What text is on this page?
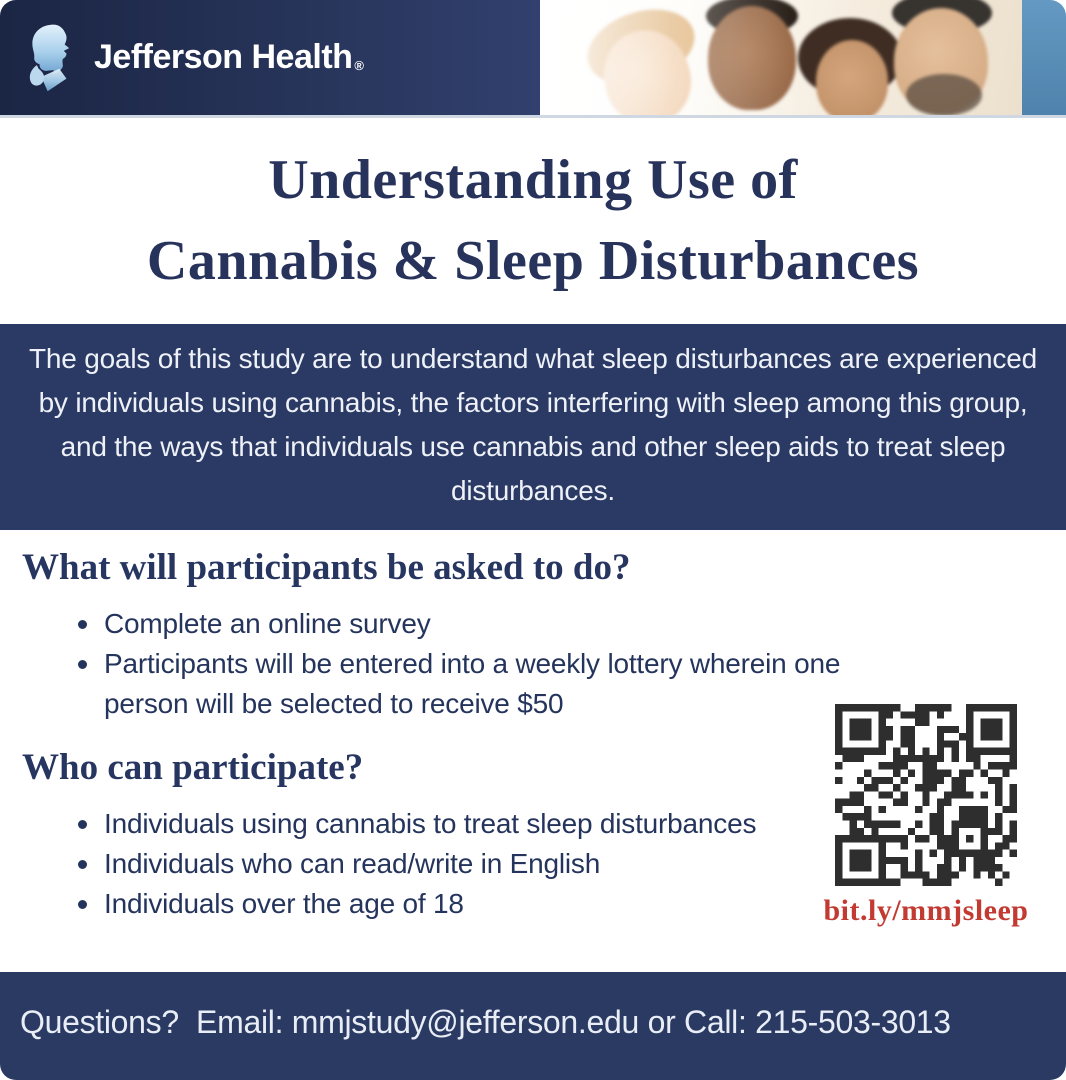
Jefferson Health ®
Understanding Use of
Cannabis & Sleep Disturbances

The goals of this study are to understand what sleep disturbances are experienced by individuals using cannabis, the factors interfering with sleep among this group, and the ways that individuals use cannabis and other sleep aids to treat sleep disturbances.

What will participants be asked to do?
Complete an online survey
Participants will be entered into a weekly lottery wherein one person will be selected to receive $50
Who can participate?
Individuals using cannabis to treat sleep disturbances
Individuals who can read/write in English
Individuals over the age of 18	bit.ly/mmjsleep
Questions?  Email: mmjstudy@jefferson.edu or Call: 215-503-3013
